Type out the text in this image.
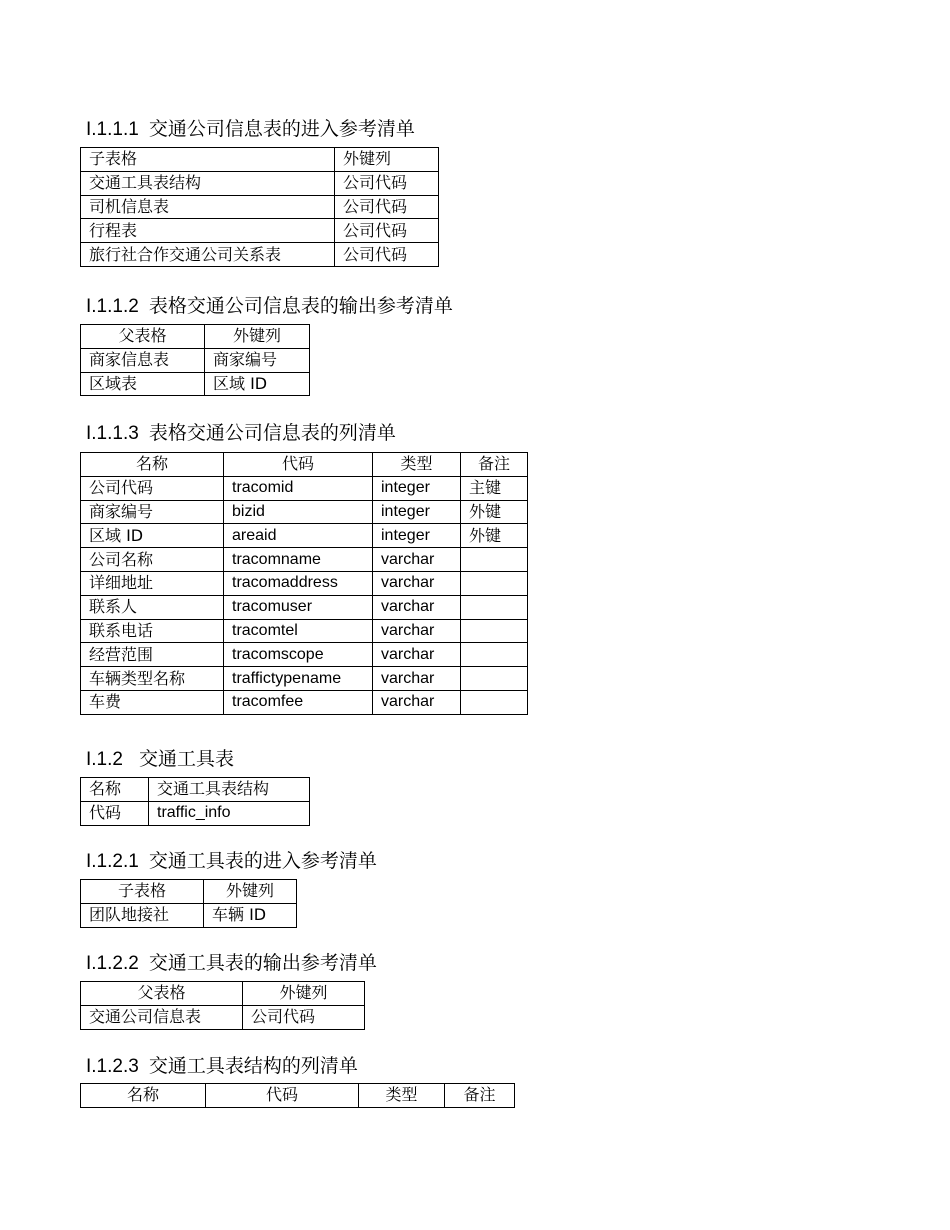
I.1.1.1 交通公司信息表的进入参考清单
子表格	外键列
交通工具表结构	公司代码
司机信息表	公司代码
行程表	公司代码
旅行社合作交通公司关系表	公司代码
I.1.1.2 表格交通公司信息表的输出参考清单
父表格	外键列
商家信息表	商家编号
区域表	区域 ID
I.1.1.3 表格交通公司信息表的列清单
名称	代码	类型	备注
公司代码	tracomid	integer	主键
商家编号	bizid	integer	外键
区域 ID	areaid	integer	外键
公司名称	tracomname	varchar	
详细地址	tracomaddress	varchar	
联系人	tracomuser	varchar	
联系电话	tracomtel	varchar	
经营范围	tracomscope	varchar	
车辆类型名称	traffictypename	varchar	
车费	tracomfee	varchar	
I.1.2 交通工具表
名称	交通工具表结构
代码	traffic_info
I.1.2.1 交通工具表的进入参考清单
子表格	外键列
团队地接社	车辆 ID
I.1.2.2 交通工具表的输出参考清单
父表格	外键列
交通公司信息表	公司代码
I.1.2.3 交通工具表结构的列清单
名称	代码	类型	备注
